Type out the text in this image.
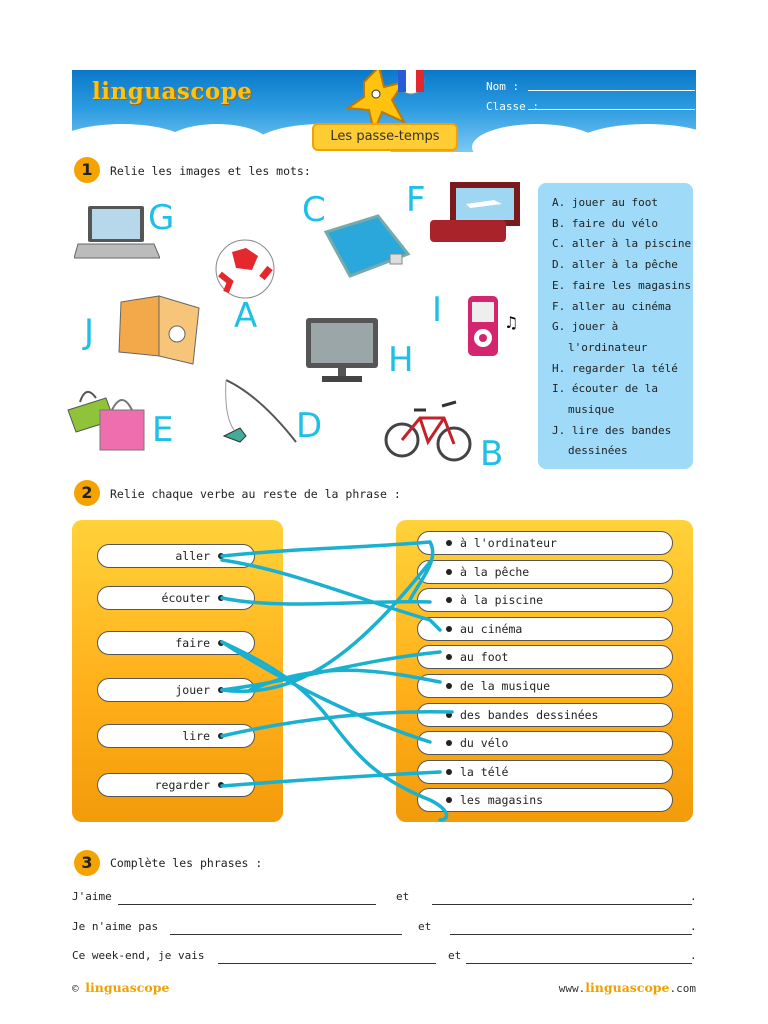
linguascope	Nom :
Classe :
Les passe-temps
1	Relie les images et les mots:
♫
G
A
C F
J
H
I
E	D
B
A. jouer au foot
B. faire du vélo
C. aller à la piscine
D. aller à la pêche
E. faire les magasins
F. aller au cinéma
G. jouer à
l'ordinateur
H. regarder la télé
I. écouter de la
musique
J. lire des bandes
dessinées
2	Relie chaque verbe au reste de la phrase :
aller
écouter
faire
jouer
lire
regarder
à l'ordinateur
à la pêche
à la piscine
au cinéma
au foot
de la musique
des bandes dessinées
du vélo
la télé
les magasins
3	Complète les phrases :
J'aime	et	.
Je n'aime pas	et	.
Ce week-end, je vais	et	.
© linguascope	www.linguascope.com
